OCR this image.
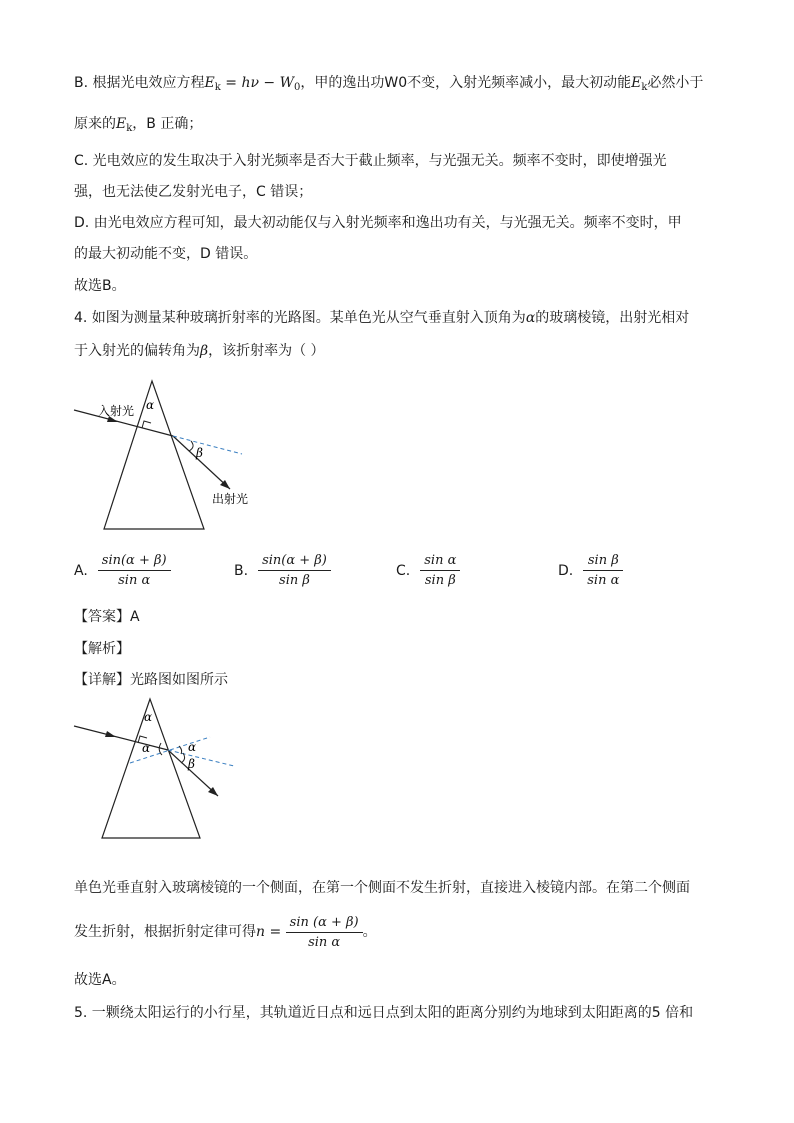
B. 根据光电效应方程$E_k = h\nu - W_0$，甲的逸出功W0不变，入射光频率减小，最大初动能$E_k$必然小于
原来的$E_k$，B 正确；
C. 光电效应的发生取决于入射光频率是否大于截止频率，与光强无关。频率不变时，即使增强光
强，也无法使乙发射光电子，C 错误；
D. 由光电效应方程可知，最大初动能仅与入射光频率和逸出功有关，与光强无关。频率不变时，甲
的最大初动能不变，D 错误。
故选B。
4. 如图为测量某种玻璃折射率的光路图。某单色光从空气垂直射入顶角为α的玻璃棱镜，出射光相对
于入射光的偏转角为β，该折射率为（ ）
α
β
入射光
出射光
A. $\frac{\sin(\alpha + \beta)}{\text{sin α}}$	B. $\frac{\sin(\alpha + \beta)}{\text{sin β}}$	C. $\frac{\text{sin α}}{\text{sin β}}$	D. $\frac{\text{sin β}}{\text{sin α}}$
【答案】A
【解析】
【详解】光路图如图所示
α
α	α
β
单色光垂直射入玻璃棱镜的一个侧面，在第一个侧面不发生折射，直接进入棱镜内部。在第二个侧面
发生折射，根据折射定律可得$n = \frac{\sin (\alpha + \beta)}{\text{sin α}}$ 。
故选A。
5. 一颗绕太阳运行的小行星，其轨道近日点和远日点到太阳的距离分别约为地球到太阳距离的5 倍和
